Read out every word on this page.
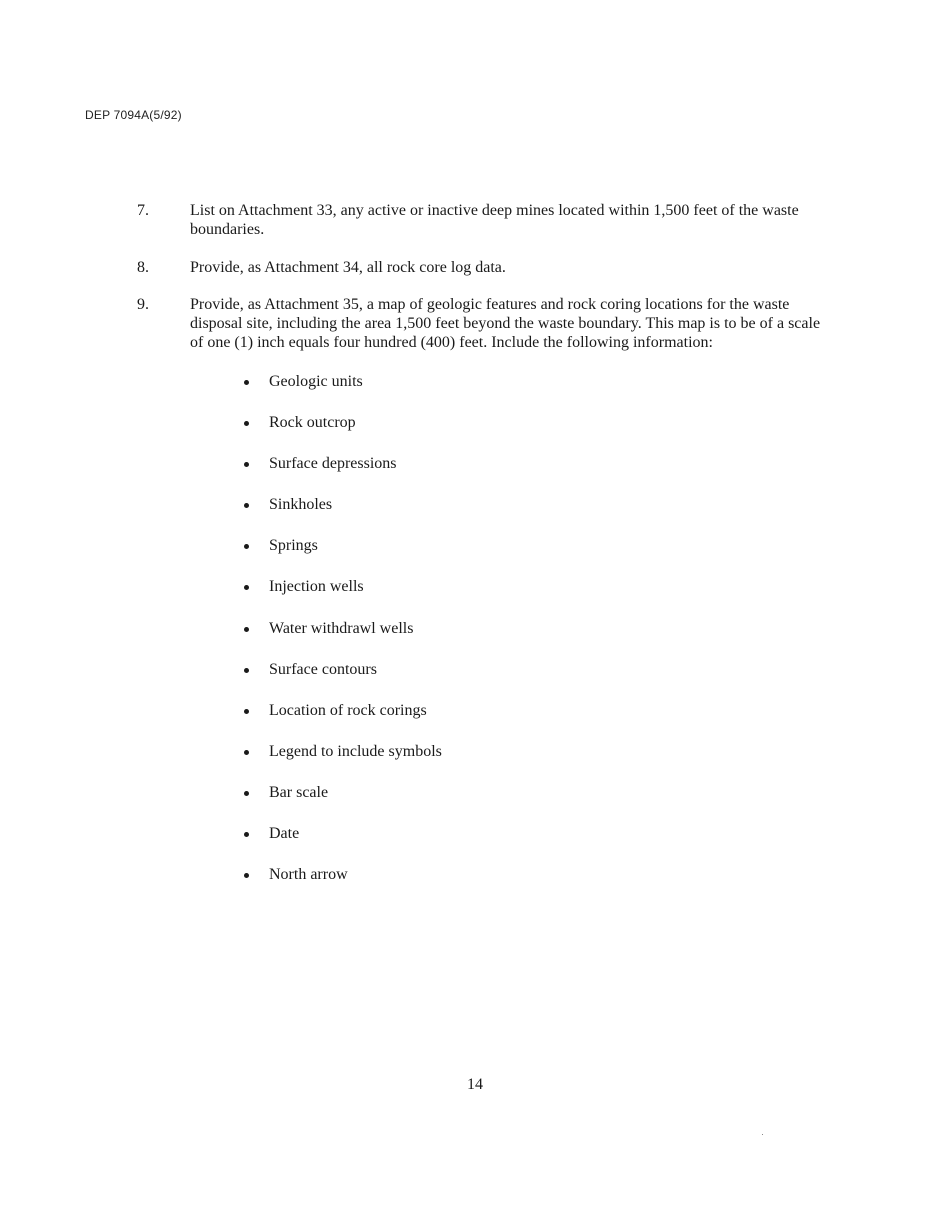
DEP 7094A(5/92)
7.	List on Attachment 33, any active or inactive deep mines located within 1,500 feet of the waste boundaries.
8.	Provide, as Attachment 34, all rock core log data.
9.	Provide, as Attachment 35, a map of geologic features and rock coring locations for the waste disposal site, including the area 1,500 feet beyond the waste boundary. This map is to be of a scale of one (1) inch equals four hundred (400) feet. Include the following information:
Geologic units
Rock outcrop
Surface depressions
Sinkholes
Springs
Injection wells
Water withdrawl wells
Surface contours
Location of rock corings
Legend to include symbols
Bar scale
Date
North arrow
14
